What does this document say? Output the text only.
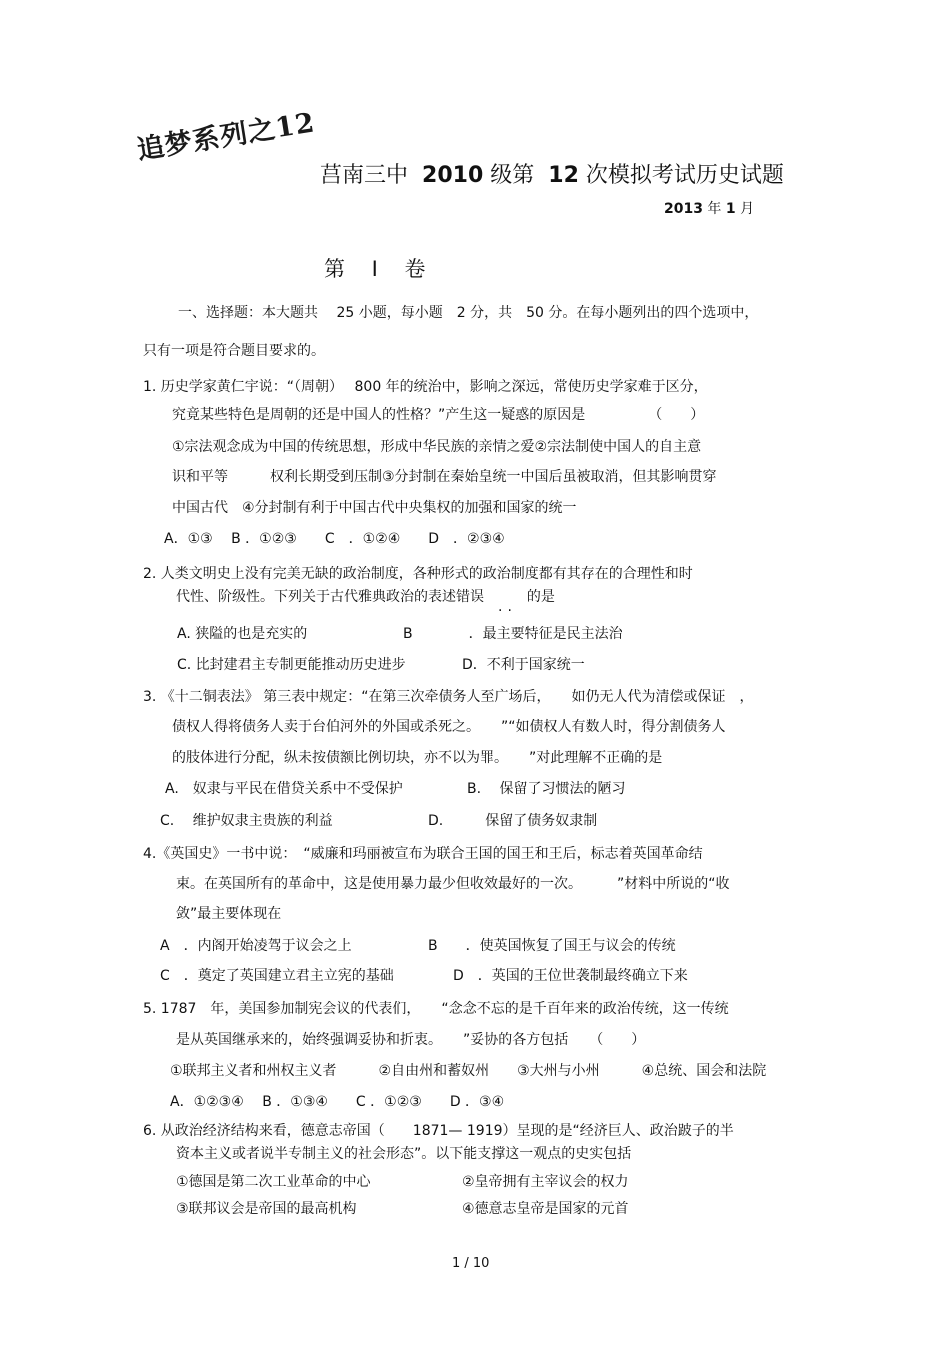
追梦系列之12
莒南三中 2010 级第 12 次模拟考试历史试题
2013 年 1 月
第 I 卷
一、选择题：本大题共　 25 小题，每小题　2 分，共　50 分。在每小题列出的四个选项中，
只有一项是符合题目要求的。
1. 历史学家黄仁宇说：“（周朝）　 800 年的统治中，影响之深远，常使历史学家难于区分，
究竟某些特色是周朝的还是中国人的性格？”产生这一疑惑的原因是　　　　　（　　）
①宗法观念成为中国的传统思想，形成中华民族的亲情之爱②宗法制使中国人的自主意
识和平等　　　权利长期受到压制③分封制在秦始皇统一中国后虽被取消，但其影响贯穿
中国古代　④分封制有利于中国古代中央集权的加强和国家的统一
A．①③　 B ．①②③　　C　．①②④　　D　．②③④
2. 人类文明史上没有完美无缺的政治制度，各种形式的政治制度都有其存在的合理性和时
代性、阶级性。下列关于古代雅典政治的表述错误..的是
A. 狭隘的也是充实的	B　　　　．最主要特征是民主法治
C. 比封建君主专制更能推动历史进步	D．不利于国家统一
3. 《十二铜表法》 第三表中规定：“在第三次牵债务人至广场后，　　如仍无人代为清偿或保证　，
债权人得将债务人卖于台伯河外的外国或杀死之。　　”“如债权人有数人时，得分割债务人
的肢体进行分配，纵未按债额比例切块，亦不以为罪。　　”对此理解不正确的是
A.　奴隶与平民在借贷关系中不受保护	B.　 保留了习惯法的陋习
C.　 维护奴隶主贵族的利益	D.　　　保留了债务奴隶制
4.《英国史》一书中说：　“威廉和玛丽被宣布为联合王国的国王和王后，标志着英国革命结
束。在英国所有的革命中，这是使用暴力最少但收效最好的一次。　　　”材料中所说的“收
敛”最主要体现在
A　．内阁开始凌驾于议会之上	B　　．使英国恢复了国王与议会的传统
C　．奠定了英国建立君主立宪的基础	D　．英国的王位世袭制最终确立下来
5. 1787　年，美国参加制宪会议的代表们，　　“念念不忘的是千百年来的政治传统，这一传统
是从英国继承来的，始终强调妥协和折衷。　　”妥协的各方包括　　（　　）
①联邦主义者和州权主义者　　　②自由州和蓄奴州　　③大州与小州　　　④总统、国会和法院
A．①②③④　 B ．①③④　　C ．①②③　　D ．③④
6. 从政治经济结构来看，德意志帝国（　　1871— 1919）呈现的是“经济巨人、政治跛子的半
资本主义或者说半专制主义的社会形态”。以下能支撑这一观点的史实包括
①德国是第二次工业革命的中心	②皇帝拥有主宰议会的权力
③联邦议会是帝国的最高机构	④德意志皇帝是国家的元首
1 / 10
